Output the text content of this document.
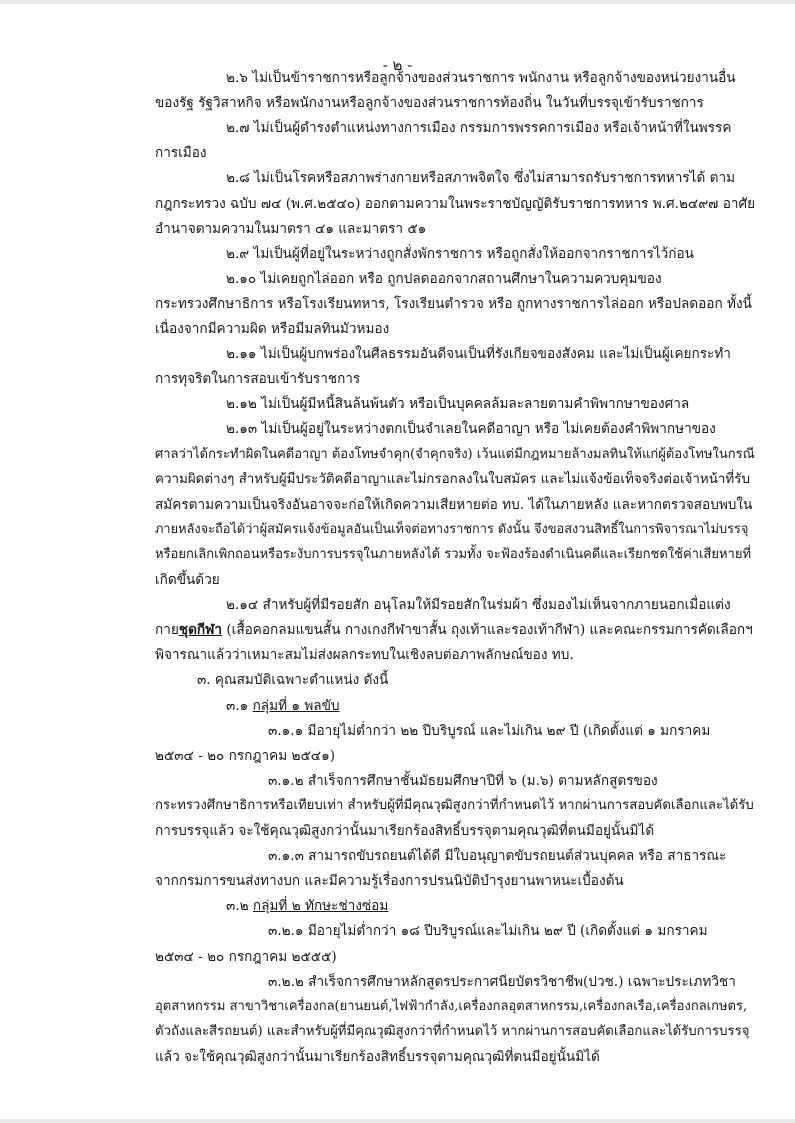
- ๒ -
๒.๖ ไม่เป็นข้าราชการหรือลูกจ้างของส่วนราชการ พนักงาน หรือลูกจ้างของหน่วยงานอื่น
ของรัฐ รัฐวิสาหกิจ หรือพนักงานหรือลูกจ้างของส่วนราชการท้องถิ่น ในวันที่บรรจุเข้ารับราชการ
๒.๗ ไม่เป็นผู้ดำรงตำแหน่งทางการเมือง กรรมการพรรคการเมือง หรือเจ้าหน้าที่ในพรรค
การเมือง
๒.๘ ไม่เป็นโรคหรือสภาพร่างกายหรือสภาพจิตใจ ซึ่งไม่สามารถรับราชการทหารได้ ตาม
กฎกระทรวง ฉบับ ๗๔ (พ.ศ.๒๕๔๐) ออกตามความในพระราชบัญญัติรับราชการทหาร พ.ศ.๒๔๙๗ อาศัย
อำนาจตามความในมาตรา ๔๑ และมาตรา ๕๑
๒.๙ ไม่เป็นผู้ที่อยู่ในระหว่างถูกสั่งพักราชการ หรือถูกสั่งให้ออกจากราชการไว้ก่อน
๒.๑๐ ไม่เคยถูกไล่ออก หรือ ถูกปลดออกจากสถานศึกษาในความควบคุมของ
กระทรวงศึกษาธิการ หรือโรงเรียนทหาร, โรงเรียนตำรวจ หรือ ถูกทางราชการไล่ออก หรือปลดออก ทั้งนี้
เนื่องจากมีความผิด หรือมีมลทินมัวหมอง
๒.๑๑ ไม่เป็นผู้บกพร่องในศีลธรรมอันดีจนเป็นที่รังเกียจของสังคม และไม่เป็นผู้เคยกระทำ
การทุจริตในการสอบเข้ารับราชการ
๒.๑๒ ไม่เป็นผู้มีหนี้สินล้นพ้นตัว หรือเป็นบุคคลล้มละลายตามคำพิพากษาของศาล
๒.๑๓ ไม่เป็นผู้อยู่ในระหว่างตกเป็นจำเลยในคดีอาญา หรือ ไม่เคยต้องคำพิพากษาของ
ศาลว่าได้กระทำผิดในคดีอาญา ต้องโทษจำคุก(จำคุกจริง) เว้นแต่มีกฎหมายล้างมลทินให้แก่ผู้ต้องโทษในกรณี
ความผิดต่างๆ สำหรับผู้มีประวัติคดีอาญาและไม่กรอกลงในใบสมัคร และไม่แจ้งข้อเท็จจริงต่อเจ้าหน้าที่รับ
สมัครตามความเป็นจริงอันอาจจะก่อให้เกิดความเสียหายต่อ ทบ. ได้ในภายหลัง และหากตรวจสอบพบใน
ภายหลังจะถือได้ว่าผู้สมัครแจ้งข้อมูลอันเป็นเท็จต่อทางราชการ ดังนั้น จึงขอสงวนสิทธิ์ในการพิจารณาไม่บรรจุ
หรือยกเลิกเพิกถอนหรือระงับการบรรจุในภายหลังได้ รวมทั้ง จะฟ้องร้องดำเนินคดีและเรียกชดใช้ค่าเสียหายที่
เกิดขึ้นด้วย
๒.๑๔ สำหรับผู้ที่มีรอยสัก อนุโลมให้มีรอยสักในร่มผ้า ซึ่งมองไม่เห็นจากภายนอกเมื่อแต่ง
กายชุดกีฬา (เสื้อคอกลมแขนสั้น กางเกงกีฬาขาสั้น ถุงเท้าและรองเท้ากีฬา) และคณะกรรมการคัดเลือกฯ
พิจารณาแล้วว่าเหมาะสมไม่ส่งผลกระทบในเชิงลบต่อภาพลักษณ์ของ ทบ.
๓. คุณสมบัติเฉพาะตำแหน่ง ดังนี้
๓.๑ กลุ่มที่ ๑ พลขับ
๓.๑.๑ มีอายุไม่ต่ำกว่า ๒๒ ปีบริบูรณ์ และไม่เกิน ๒๙ ปี (เกิดตั้งแต่ ๑ มกราคม
๒๕๓๔ - ๒๐ กรกฎาคม ๒๕๔๑)
๓.๑.๒ สำเร็จการศึกษาชั้นมัธยมศึกษาปีที่ ๖ (ม.๖) ตามหลักสูตรของ
กระทรวงศึกษาธิการหรือเทียบเท่า สำหรับผู้ที่มีคุณวุฒิสูงกว่าที่กำหนดไว้ หากผ่านการสอบคัดเลือกและได้รับ
การบรรจุแล้ว จะใช้คุณวุฒิสูงกว่านั้นมาเรียกร้องสิทธิ์บรรจุตามคุณวุฒิที่ตนมีอยู่นั้นมิได้
๓.๑.๓ สามารถขับรถยนต์ได้ดี มีใบอนุญาตขับรถยนต์ส่วนบุคคล หรือ สาธารณะ
จากกรมการขนส่งทางบก และมีความรู้เรื่องการปรนนิบัติบำรุงยานพาหนะเบื้องต้น
๓.๒ กลุ่มที่ ๒ ทักษะช่างซ่อม
๓.๒.๑ มีอายุไม่ต่ำกว่า ๑๘ ปีบริบูรณ์และไม่เกิน ๒๙ ปี (เกิดตั้งแต่ ๑ มกราคม
๒๕๓๔ - ๒๐ กรกฎาคม ๒๕๕๕)
๓.๒.๒ สำเร็จการศึกษาหลักสูตรประกาศนียบัตรวิชาชีพ(ปวช.) เฉพาะประเภทวิชา
อุตสาหกรรม สาขาวิชาเครื่องกล(ยานยนต์,ไฟฟ้ากำลัง,เครื่องกลอุตสาหกรรม,เครื่องกลเรือ,เครื่องกลเกษตร,
ตัวถังและสีรถยนต์) และสำหรับผู้ที่มีคุณวุฒิสูงกว่าที่กำหนดไว้ หากผ่านการสอบคัดเลือกและได้รับการบรรจุ
แล้ว จะใช้คุณวุฒิสูงกว่านั้นมาเรียกร้องสิทธิ์บรรจุตามคุณวุฒิที่ตนมีอยู่นั้นมิได้
